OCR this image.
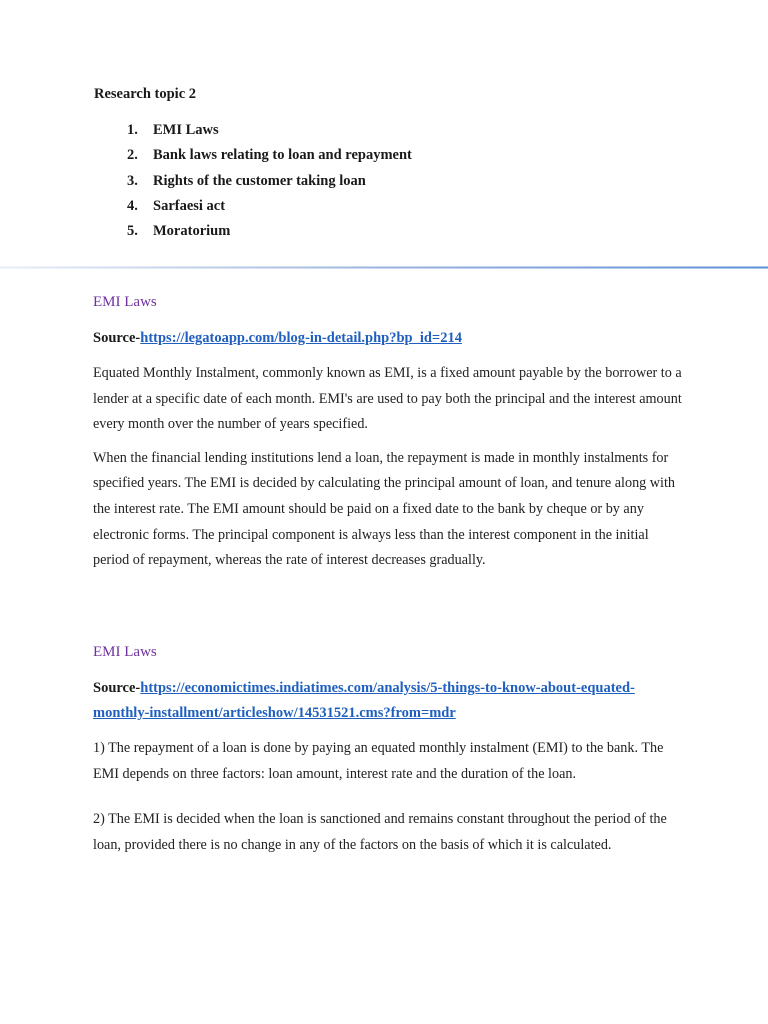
Research topic 2
1. EMI Laws
2. Bank laws relating to loan and repayment
3. Rights of the customer taking loan
4. Sarfaesi act
5. Moratorium
EMI Laws

Source-https://legatoapp.com/blog-in-detail.php?bp_id=214

Equated Monthly Instalment, commonly known as EMI, is a fixed amount payable by the borrower to a lender at a specific date of each month. EMI's are used to pay both the principal and the interest amount every month over the number of years specified.

When the financial lending institutions lend a loan, the repayment is made in monthly instalments for specified years. The EMI is decided by calculating the principal amount of loan, and tenure along with the interest rate. The EMI amount should be paid on a fixed date to the bank by cheque or by any electronic forms. The principal component is always less than the interest component in the initial period of repayment, whereas the rate of interest decreases gradually.

EMI Laws

Source-https://economictimes.indiatimes.com/analysis/5-things-to-know-about-equated-monthly-installment/articleshow/14531521.cms?from=mdr

1) The repayment of a loan is done by paying an equated monthly instalment (EMI) to the bank. The EMI depends on three factors: loan amount, interest rate and the duration of the loan.

2) The EMI is decided when the loan is sanctioned and remains constant throughout the period of the loan, provided there is no change in any of the factors on the basis of which it is calculated.
